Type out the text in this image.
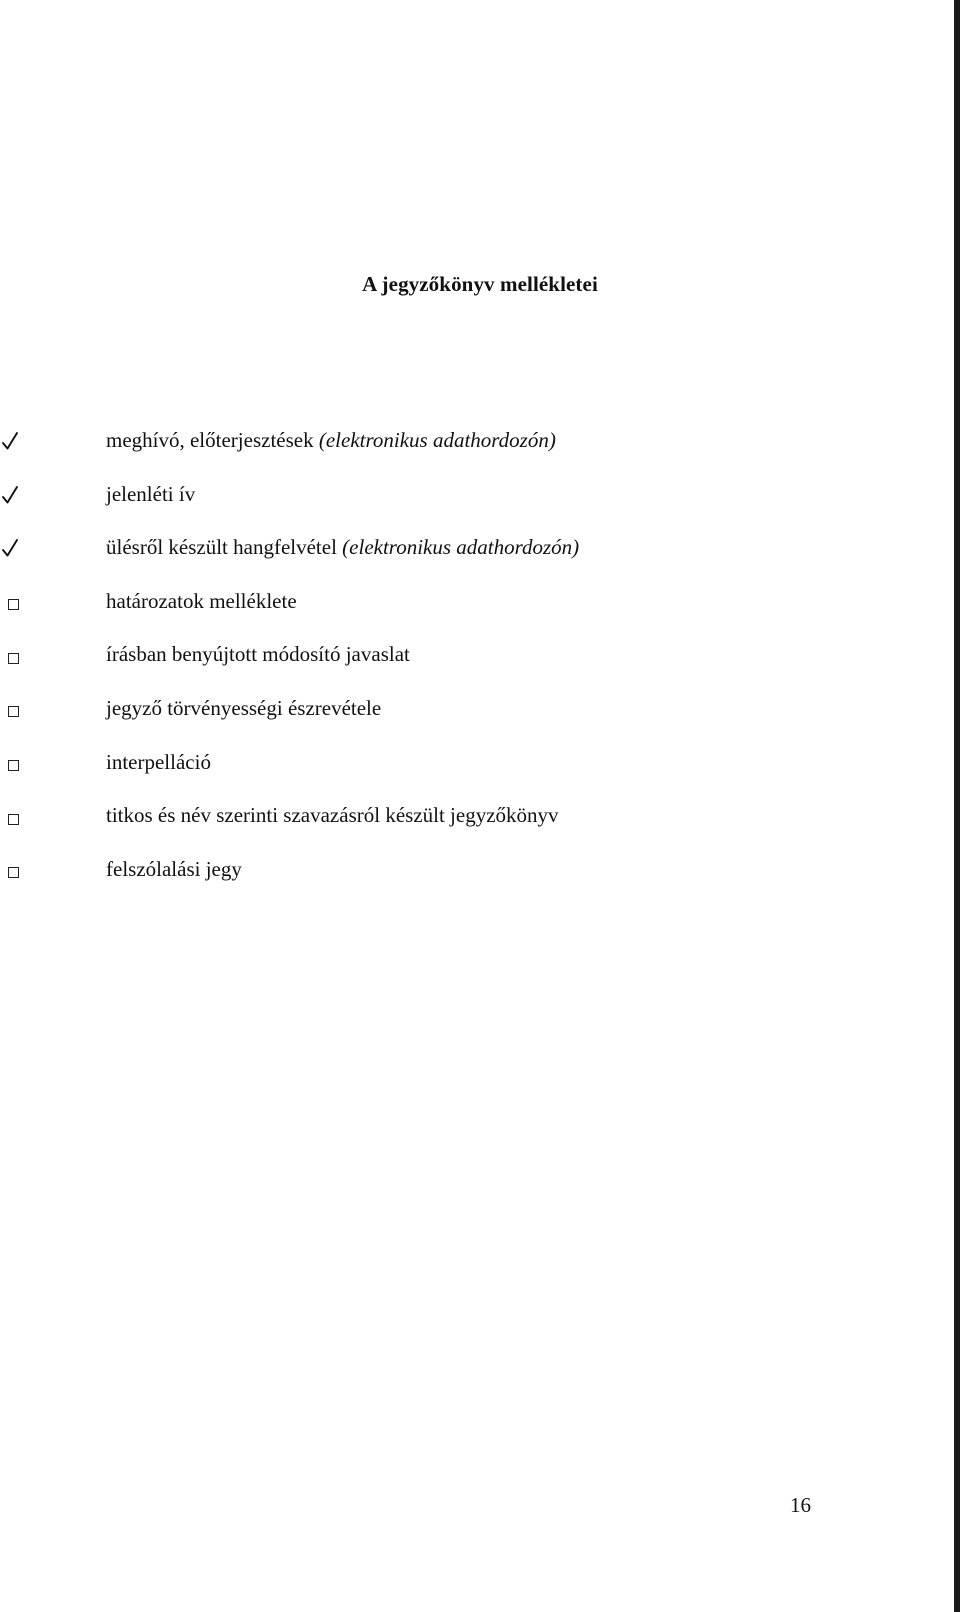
A jegyzőkönyv mellékletei
meghívó, előterjesztések (elektronikus adathordozón)
jelenléti ív
ülésről készült hangfelvétel (elektronikus adathordozón)
határozatok melléklete
írásban benyújtott módosító javaslat
jegyző törvényességi észrevétele
interpelláció
titkos és név szerinti szavazásról készült jegyzőkönyv
felszólalási jegy
16
